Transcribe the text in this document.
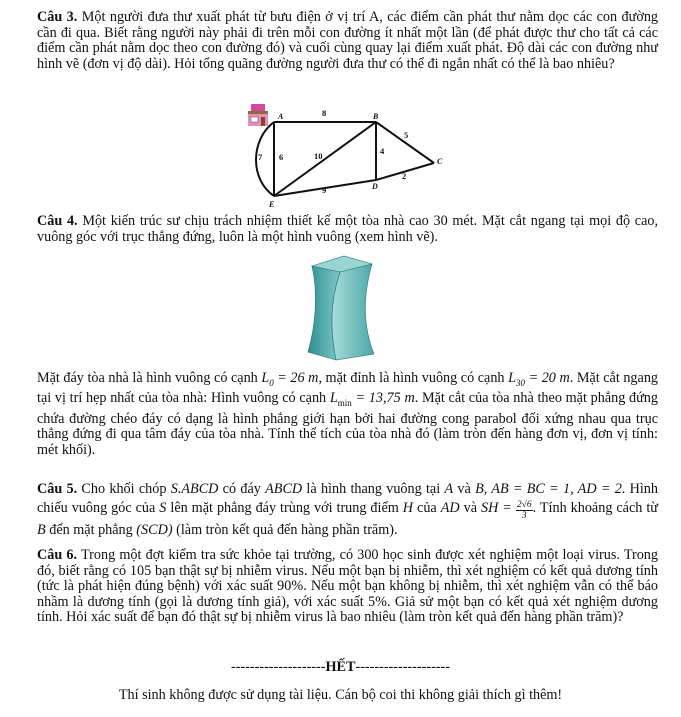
Câu 3. Một người đưa thư xuất phát từ bưu điện ở vị trí A, các điểm cần phát thư nằm dọc các con đường cần đi qua. Biết rằng người này phải đi trên mỗi con đường ít nhất một lần (để phát được thư cho tất cả các điểm cần phát nằm dọc theo con đường đó) và cuối cùng quay lại điểm xuất phát. Độ dài các con đường như hình vẽ (đơn vị độ dài). Hỏi tổng quãng đường người đưa thư có thể đi ngắn nhất có thể là bao nhiêu?
A	B
C
D
E
8
5
7 6	10	4
2
9
Câu 4. Một kiến trúc sư chịu trách nhiệm thiết kế một tòa nhà cao 30 mét. Mặt cắt ngang tại mọi độ cao, vuông góc với trục thẳng đứng, luôn là một hình vuông (xem hình vẽ).
Mặt đáy tòa nhà là hình vuông có cạnh $L_0 = 26$ m, mặt đỉnh là hình vuông có cạnh $L_{30} = 20$ m. Mặt cắt ngang tại vị trí hẹp nhất của tòa nhà: Hình vuông có cạnh $L_{min} = 13,75$ m. Mặt cắt của tòa nhà theo mặt phẳng đứng chứa đường chéo đáy có dạng là hình phẳng giới hạn bởi hai đường cong parabol đối xứng nhau qua trục thẳng đứng đi qua tâm đáy của tòa nhà. Tính thể tích của tòa nhà đó (làm tròn đến hàng đơn vị, đơn vị tính: mét khối).
Câu 5. Cho khối chóp S.ABCD có đáy ABCD là hình thang vuông tại A và B, AB = BC = 1, AD = 2. Hình chiếu vuông góc của S lên mặt phẳng đáy trùng với trung điểm H của AD và SH = $\frac{2√6}{3}$ . Tính khoảng cách từ B đến mặt phẳng (SCD) (làm tròn kết quả đến hàng phần trăm).
Câu 6. Trong một đợt kiểm tra sức khỏe tại trường, có 300 học sinh được xét nghiệm một loại virus. Trong đó, biết rằng có 105 bạn thật sự bị nhiễm virus. Nếu một bạn bị nhiễm, thì xét nghiệm có kết quả dương tính (tức là phát hiện đúng bệnh) với xác suất 90%. Nếu một bạn không bị nhiễm, thì xét nghiệm vẫn có thể báo nhầm là dương tính (gọi là dương tính giả), với xác suất 5%. Giả sử một bạn có kết quả xét nghiệm dương tính. Hỏi xác suất để bạn đó thật sự bị nhiễm virus là bao nhiêu (làm tròn kết quả đến hàng phần trăm)?
--------------------HẾT--------------------
Thí sinh không được sử dụng tài liệu. Cán bộ coi thi không giải thích gì thêm!
